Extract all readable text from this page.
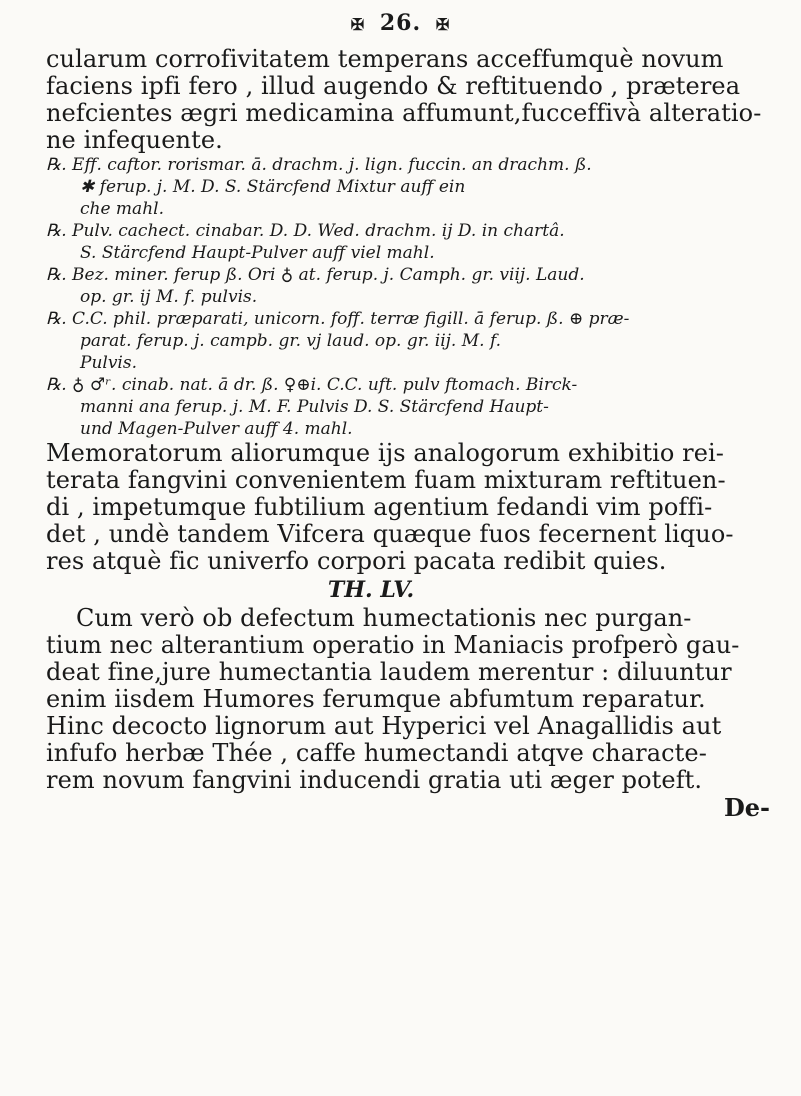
✠ 26. ✠
cularum corrofivitatem temperans acceffumquè novum
faciens ipfi fero , illud augendo & reftituendo , præterea
nefcientes ægri medicamina affumunt,fucceffivà alteratio-
ne infequente.
℞. Eff. caftor. rorismar. ā. drachm. j. lign. fuccin. an drachm. ß.
✱ ferup. j. M. D. S. Stärcfend Mixtur auff ein
che mahl.
℞. Pulv. cachect. cinabar. D. D. Wed. drachm. ij D. in chartâ.
S. Stärcfend Haupt-Pulver auff viel mahl.
℞. Bez. miner. ferup ß. Ori ♁ at. ferup. j. Camph. gr. viij. Laud.
op. gr. ij M. f. pulvis.
℞. C.C. phil. præparati, unicorn. foff. terræ figill. ā ferup. ß. ⊕ præ-
parat. ferup. j. campb. gr. vj laud. op. gr. iij. M. f.
Pulvis.
℞. ♁ ♂ʳ. cinab. nat. ā dr. ß. ♀⊕i. C.C. uft. pulv ftomach. Birck-
manni ana ferup. j. M. F. Pulvis D. S. Stärcfend Haupt-
und Magen-Pulver auff 4. mahl.
Memoratorum aliorumque ijs analogorum exhibitio rei-
terata fangvini convenientem fuam mixturam reftituen-
di , impetumque fubtilium agentium fedandi vim poffi-
det , undè tandem Vifcera quæque fuos fecernent liquo-
res atquè fic univerfo corpori pacata redibit quies.
TH. LV.
Cum verò ob defectum humectationis nec purgan-
tium nec alterantium operatio in Maniacis profperò gau-
deat fine,jure humectantia laudem merentur : diluuntur
enim iisdem Humores ferumque abfumtum reparatur.
Hinc decocto lignorum aut Hyperici vel Anagallidis aut
infufo herbæ Thée , caffe humectandi atqve characte-
rem novum fangvini inducendi gratia uti æger poteft.
De-
